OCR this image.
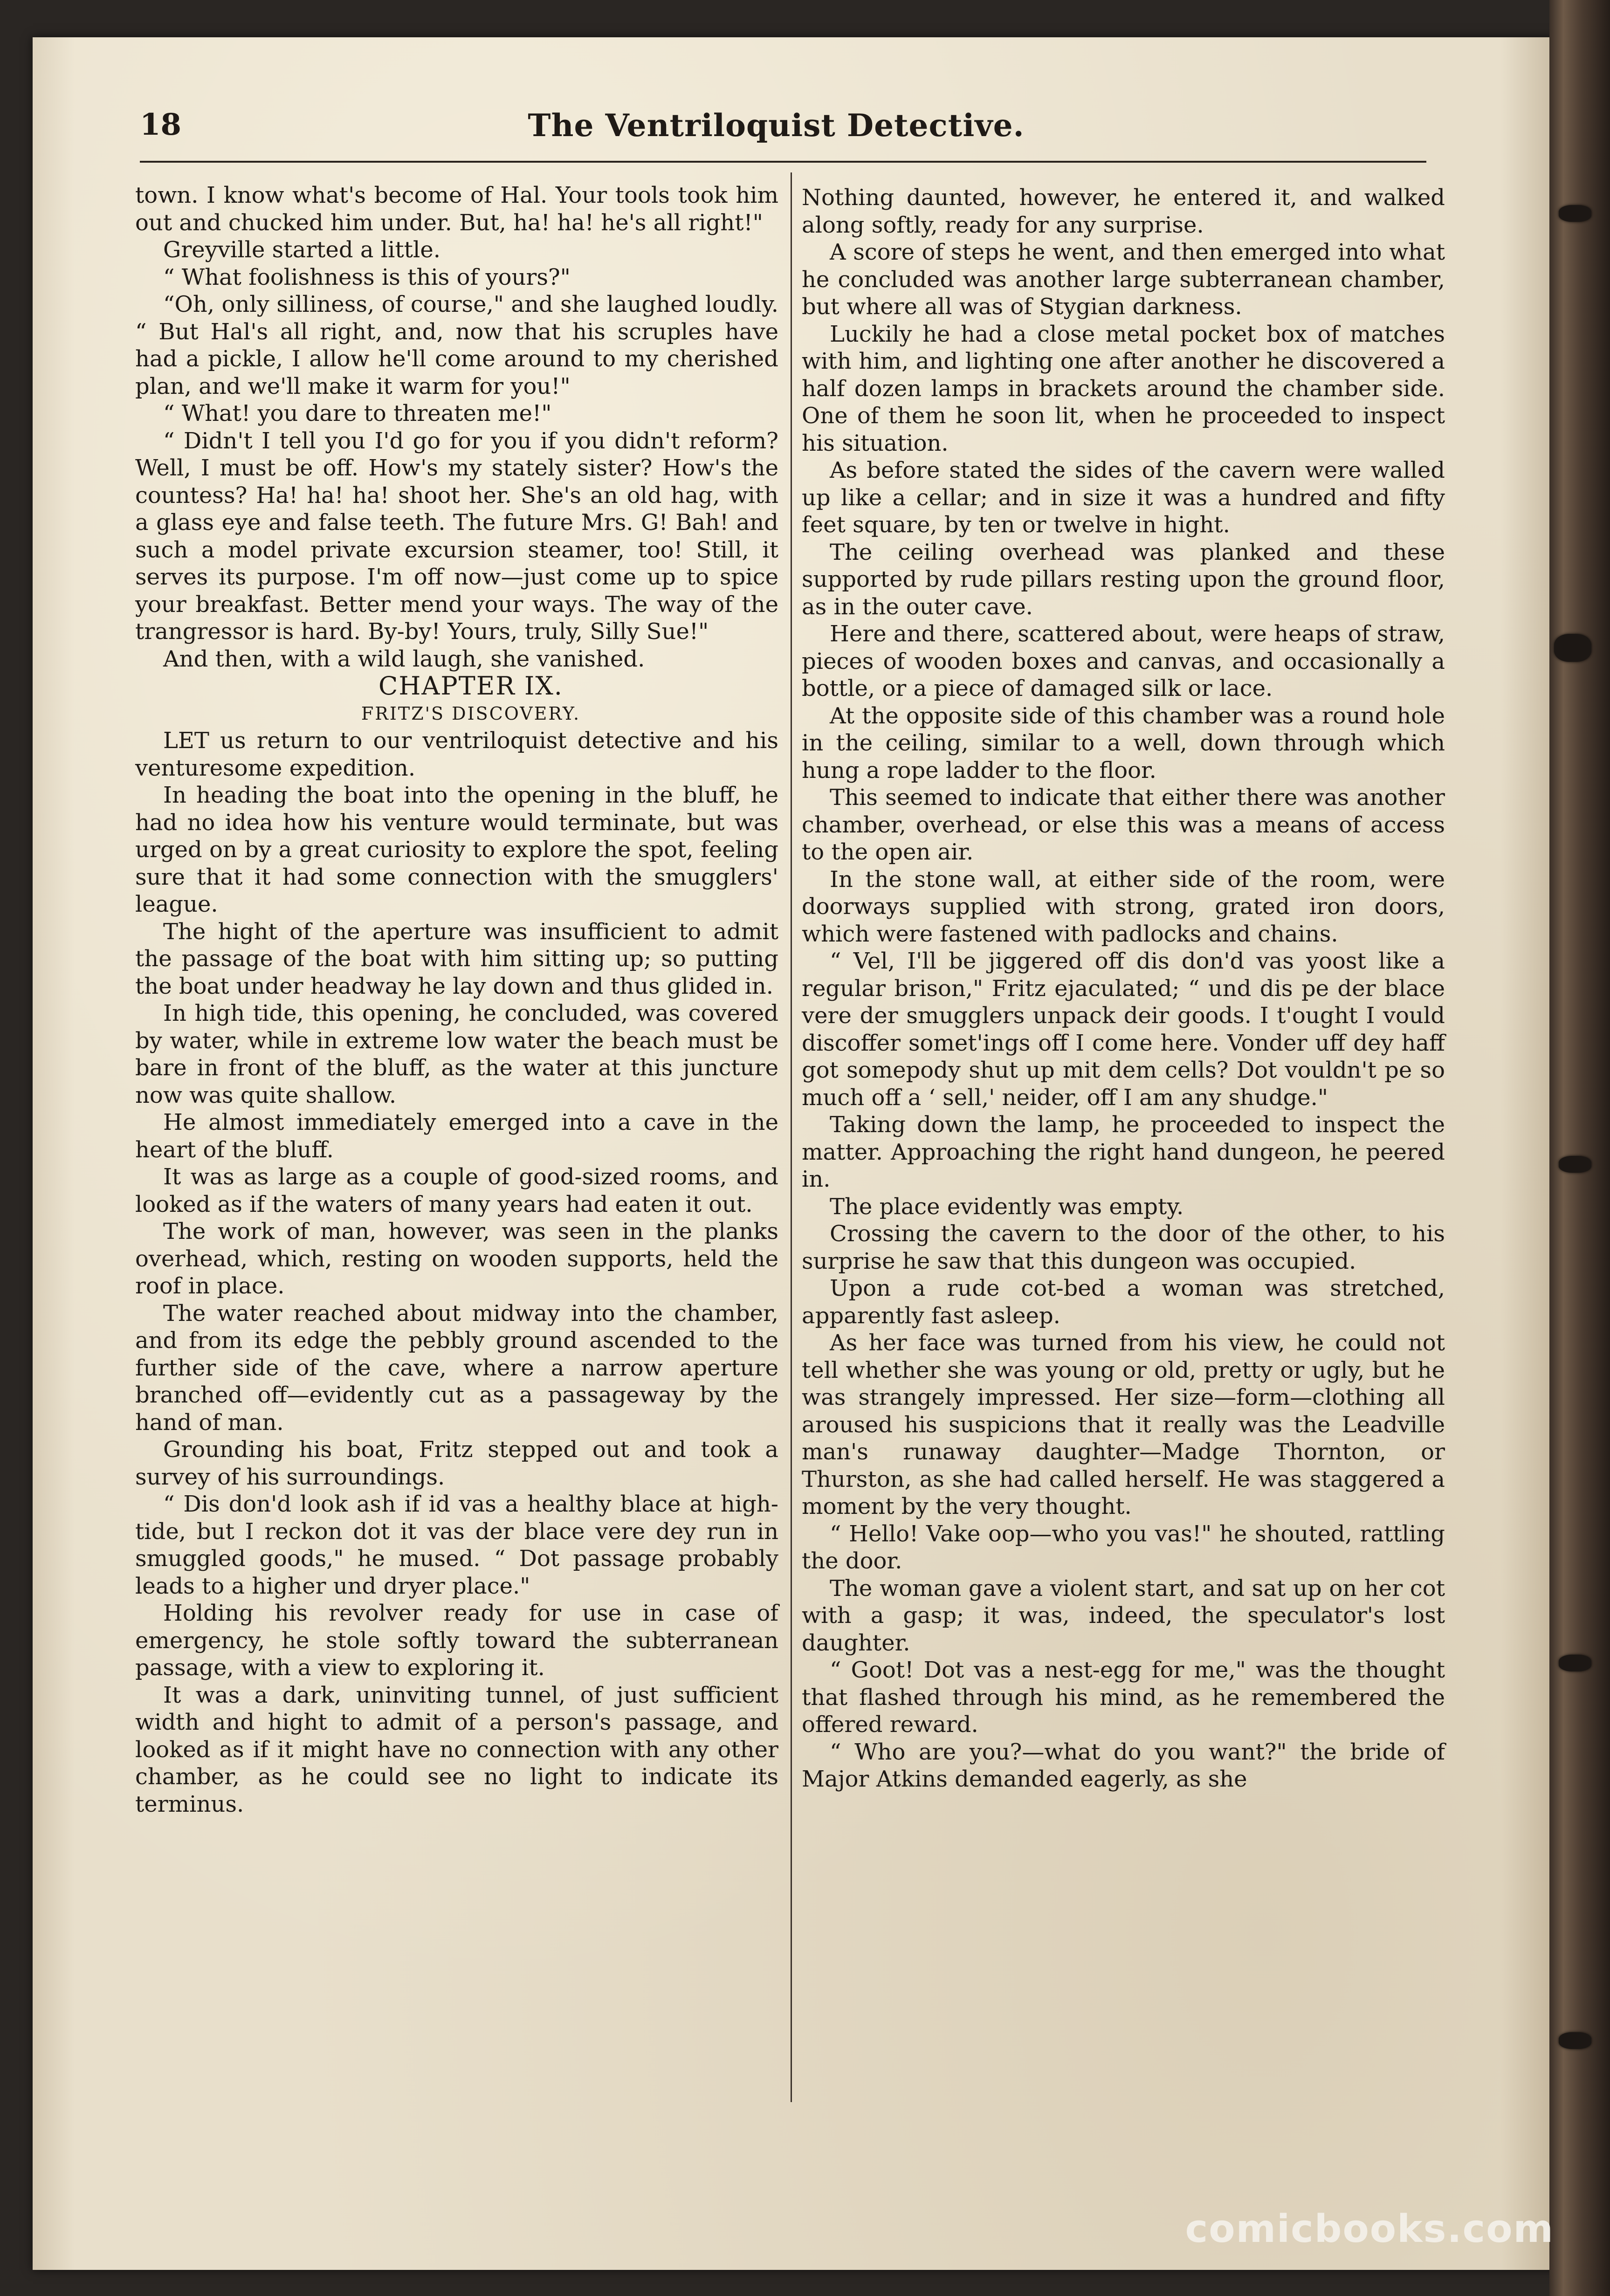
18	The Ventriloquist Detective.

town. I know what's become of Hal. Your tools took him out and chucked him under. But, ha! ha! he's all right!"

Greyville started a little.

“ What foolishness is this of yours?"

“Oh, only silliness, of course," and she laughed loudly. “ But Hal's all right, and, now that his scruples have had a pickle, I allow he'll come around to my cherished plan, and we'll make it warm for you!"

“ What! you dare to threaten me!"

“ Didn't I tell you I'd go for you if you didn't reform? Well, I must be off. How's my stately sister? How's the countess? Ha! ha! ha! shoot her. She's an old hag, with a glass eye and false teeth. The future Mrs. G! Bah! and such a model private excursion steamer, too! Still, it serves its purpose. I'm off now—just come up to spice your breakfast. Better mend your ways. The way of the trangressor is hard. By-by! Yours, truly, Silly Sue!"

And then, with a wild laugh, she vanished.

CHAPTER IX.

FRITZ'S DISCOVERY.

LET us return to our ventriloquist detective and his venturesome expedition.

In heading the boat into the opening in the bluff, he had no idea how his venture would terminate, but was urged on by a great curiosity to explore the spot, feeling sure that it had some connection with the smugglers' league.

The hight of the aperture was insufficient to admit the passage of the boat with him sitting up; so putting the boat under headway he lay down and thus glided in.

In high tide, this opening, he concluded, was covered by water, while in extreme low water the beach must be bare in front of the bluff, as the water at this juncture now was quite shallow.

He almost immediately emerged into a cave in the heart of the bluff.

It was as large as a couple of good-sized rooms, and looked as if the waters of many years had eaten it out.

The work of man, however, was seen in the planks overhead, which, resting on wooden supports, held the roof in place.

The water reached about midway into the chamber, and from its edge the pebbly ground ascended to the further side of the cave, where a narrow aperture branched off—evidently cut as a passageway by the hand of man.

Grounding his boat, Fritz stepped out and took a survey of his surroundings.

“ Dis don'd look ash if id vas a healthy blace at high-tide, but I reckon dot it vas der blace vere dey run in smuggled goods," he mused. “ Dot passage probably leads to a higher und dryer place."

Holding his revolver ready for use in case of emergency, he stole softly toward the subterranean passage, with a view to exploring it.

It was a dark, uninviting tunnel, of just sufficient width and hight to admit of a person's passage, and looked as if it might have no connection with any other chamber, as he could see no light to indicate its terminus.

Nothing daunted, however, he entered it, and walked along softly, ready for any surprise.

A score of steps he went, and then emerged into what he concluded was another large subterranean chamber, but where all was of Stygian darkness.

Luckily he had a close metal pocket box of matches with him, and lighting one after another he discovered a half dozen lamps in brackets around the chamber side. One of them he soon lit, when he proceeded to inspect his situation.

As before stated the sides of the cavern were walled up like a cellar; and in size it was a hundred and fifty feet square, by ten or twelve in hight.

The ceiling overhead was planked and these supported by rude pillars resting upon the ground floor, as in the outer cave.

Here and there, scattered about, were heaps of straw, pieces of wooden boxes and canvas, and occasionally a bottle, or a piece of damaged silk or lace.

At the opposite side of this chamber was a round hole in the ceiling, similar to a well, down through which hung a rope ladder to the floor.

This seemed to indicate that either there was another chamber, overhead, or else this was a means of access to the open air.

In the stone wall, at either side of the room, were doorways supplied with strong, grated iron doors, which were fastened with padlocks and chains.

“ Vel, I'll be jiggered off dis don'd vas yoost like a regular brison," Fritz ejaculated; “ und dis pe der blace vere der smugglers unpack deir goods. I t'ought I vould discoffer somet'ings off I come here. Vonder uff dey haff got somepody shut up mit dem cells? Dot vouldn't pe so much off a ‘ sell,' neider, off I am any shudge."

Taking down the lamp, he proceeded to inspect the matter. Approaching the right hand dungeon, he peered in.

The place evidently was empty.

Crossing the cavern to the door of the other, to his surprise he saw that this dungeon was occupied.

Upon a rude cot-bed a woman was stretched, apparently fast asleep.

As her face was turned from his view, he could not tell whether she was young or old, pretty or ugly, but he was strangely impressed. Her size—form—clothing all aroused his suspicions that it really was the Leadville man's runaway daughter—Madge Thornton, or Thurston, as she had called herself. He was staggered a moment by the very thought.

“ Hello! Vake oop—who you vas!" he shouted, rattling the door.

The woman gave a violent start, and sat up on her cot with a gasp; it was, indeed, the speculator's lost daughter.

“ Goot! Dot vas a nest-egg for me," was the thought that flashed through his mind, as he remembered the offered reward.

“ Who are you?—what do you want?" the bride of Major Atkins demanded eagerly, as she

comicbooks.com
